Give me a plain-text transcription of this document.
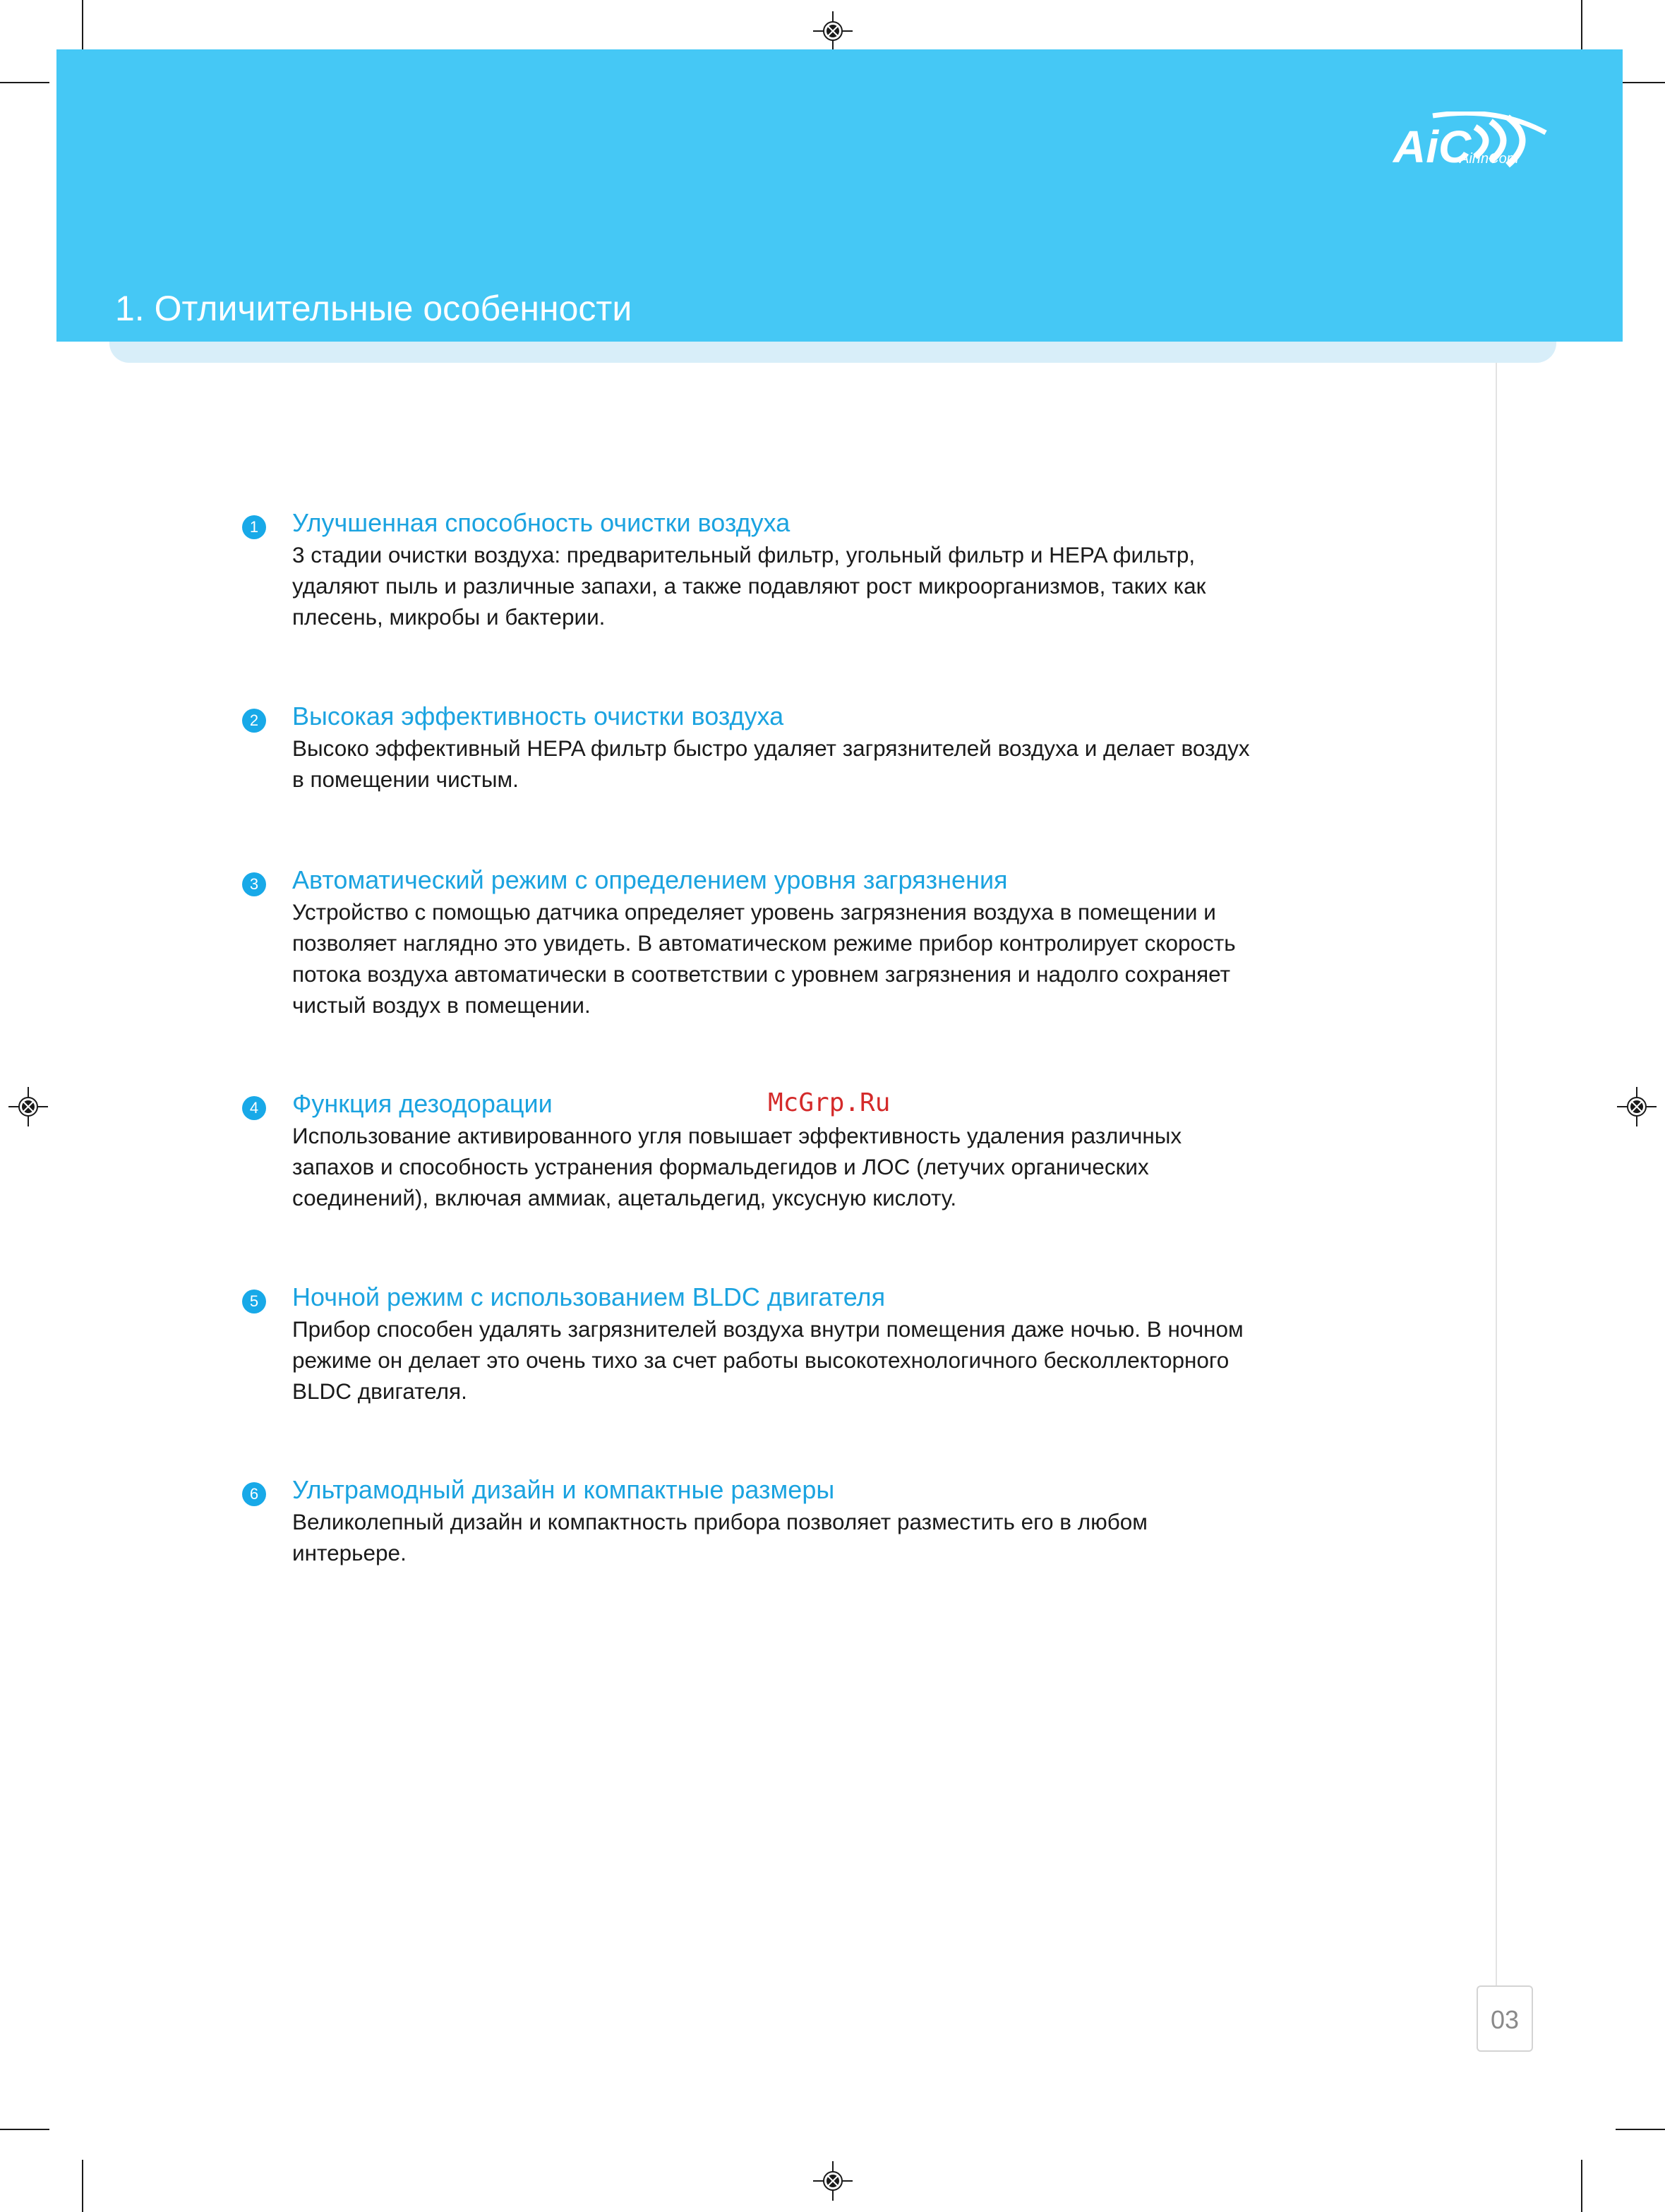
AiC
AirInCom
1. Отличительные особенности
1	Улучшенная способность очистки воздуха
3 стадии очистки воздуха: предварительный фильтр, угольный фильтр и HEPA фильтр,
удаляют пыль и различные запахи, а также подавляют рост микроорганизмов, таких как
плесень, микробы и бактерии.
2	Высокая эффективность очистки воздуха
Высоко эффективный HEPA фильтр быстро удаляет загрязнителей воздуха и делает воздух
в помещении чистым.
3	Автоматический режим с определением уровня загрязнения
Устройство с помощью датчика определяет уровень загрязнения воздуха в помещении и
позволяет наглядно это увидеть. В автоматическом режиме прибор контролирует скорость
потока воздуха автоматически в соответствии с уровнем загрязнения и надолго сохраняет
чистый воздух в помещении.
4	Функция дезодорации
Использование активированного угля повышает эффективность удаления различных
запахов и способность устранения формальдегидов и ЛОС (летучих органических
соединений), включая аммиак, ацетальдегид, уксусную кислоту.
5	Ночной режим с использованием BLDC двигателя
Прибор способен удалять загрязнителей воздуха внутри помещения даже ночью. В ночном
режиме он делает это очень тихо за счет работы высокотехнологичного бесколлекторного
BLDC двигателя.
6	Ультрамодный дизайн и компактные размеры
Великолепный дизайн и компактность прибора позволяет разместить его в любом
интерьере.
McGrp.Ru
03
